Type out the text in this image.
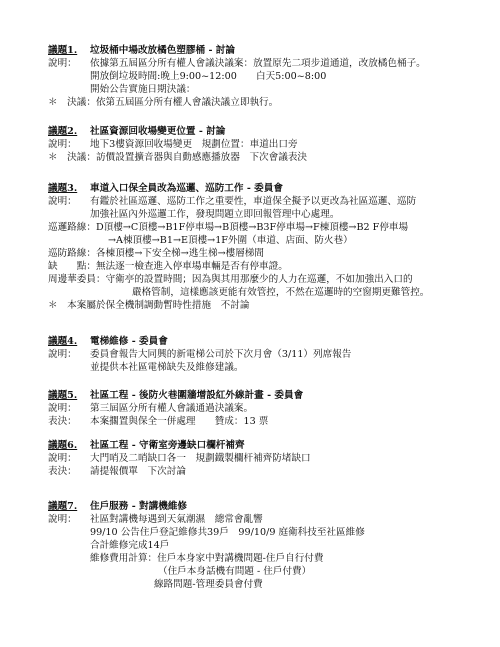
議題1.	垃圾桶中場改放橘色塑膠桶 - 討論
說明：	依據第五屆區分所有權人會議決議案：放置原先二項步道通道，改放橘色桶子。
開放倒垃圾時間:晚上9:00~12:00　　白天5:00~8:00
開始公告實施日期決議：
＊　決議： 依第五屆區分所有權人會議決議立即執行。
議題2.	社區資源回收場變更位置 - 討論
說明：	地下3樓資源回收場變更　規劃位置：車道出口旁
＊　決議： 訪價設置擴音器與自動感應播放器　下次會議表決
議題3.	車道入口保全員改為巡邏、巡防工作 - 委員會
說明：	有鑑於社區巡邏、巡防工作之重要性，車道保全擬予以更改為社區巡邏、巡防
加強社區內外巡邏工作，發現問題立即回報管理中心處理。
巡邏路線： D頂樓→C頂樓→B1F停車場→B頂樓→B3F停車場→F棟頂樓→B2 F停車場
→A棟頂樓→B1→E頂樓→1F外圍（車道、店面、防火巷）
巡防路線： 各棟頂樓→下安全梯→逃生梯→樓層梯間
缺　　點： 無法逐一檢查進入停車場車輛是否有停車證。
周邊華委員： 守衛亭的設置時間；因為與其用那麼少的人力在巡邏，不如加強出入口的
嚴格管制，這樣應該更能有效管控，不然在巡邏時的空窗期更難管控。
＊　本案屬於保全機制調動暫時性措施　不討論
議題4.	電梯維修 - 委員會
說明：	委員會報告大同興的新電梯公司於下次月會（3/11）列席報告
並提供本社區電梯缺失及維修建議。
議題5.	社區工程 - 後防火巷圍牆增設紅外線計畫 - 委員會
說明：	第三屆區分所有權人會議通過決議案。
表決：	本案擱置與保全一併處理　　贊成：13 票
議題6.	社區工程 - 守衛室旁邊缺口欄杆補齊
說明：	大門哨及二哨缺口各一　規劃鐵製欄杆補齊防堵缺口
表決：	請提報價單　下次討論
議題7.	住戶服務 - 對講機維修
說明：	社區對講機每遇到天氣潮濕　總常會亂響
99/10 公告住戶登記維修共39戶　99/10/9 庭衛科技至社區維修
合計維修完成14戶
維修費用計算：住戶本身家中對講機問題-住戶自行付費
（住戶本身話機有問題 - 住戶付費）
線路問題-管理委員會付費
